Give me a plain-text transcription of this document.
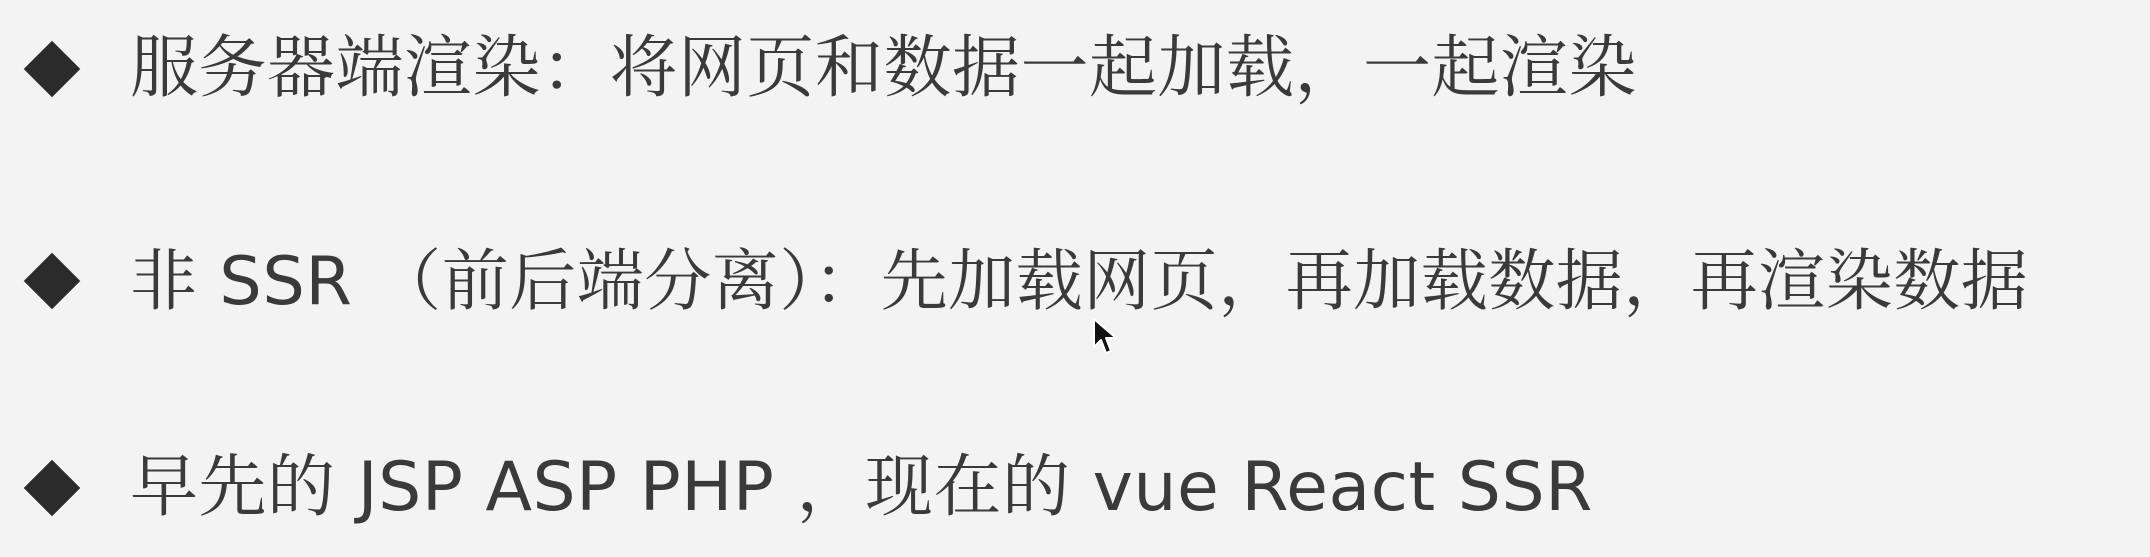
服务器端渲染：将网页和数据一起加载，一起渲染
非 SSR （前后端分离）：先加载网页，再加载数据，再渲染数据
早先的 JSP ASP PHP ，现在的 vue React SSR
